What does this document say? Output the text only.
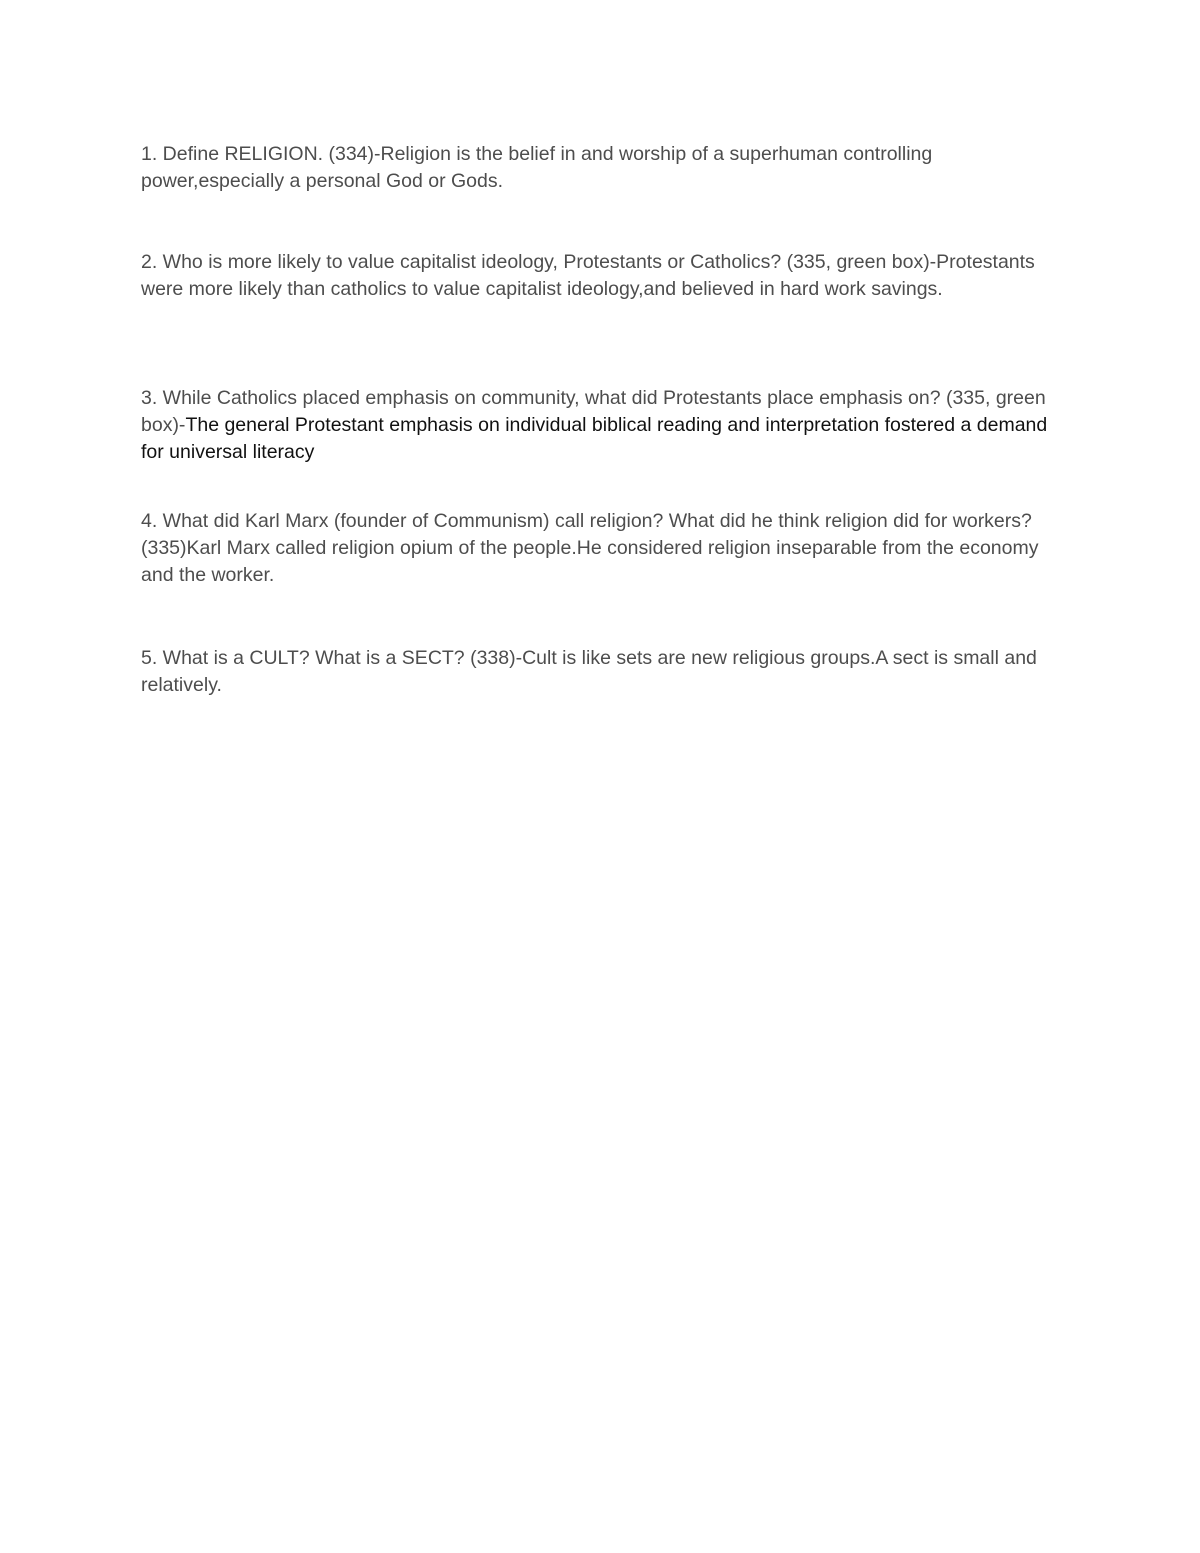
1. Define RELIGION. (334)-Religion is the belief in and worship of a superhuman controlling power,especially a personal God or Gods.

2. Who is more likely to value capitalist ideology, Protestants or Catholics? (335, green box)-Protestants were more likely than catholics to value capitalist ideology,and believed in hard work savings.

3. While Catholics placed emphasis on community, what did Protestants place emphasis on? (335, green box)-The general Protestant emphasis on individual biblical reading and interpretation fostered a demand for universal literacy

4. What did Karl Marx (founder of Communism) call religion? What did he think religion did for workers? (335)Karl Marx called religion opium of the people.He considered religion inseparable from the economy and the worker.

5. What is a CULT? What is a SECT? (338)-Cult is like sets are new religious groups.A sect is small and relatively.
